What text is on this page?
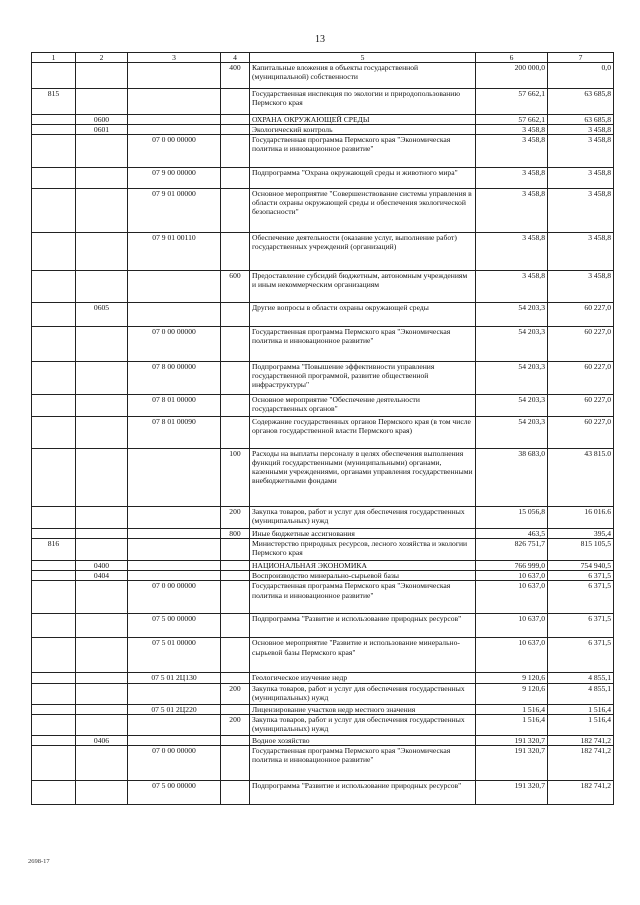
13
1	2	3	4	5	6	7
			400	Капитальные вложения в объекты государственной (муниципальной) собственности	200 000,0	0,0
815				Государственная инспекция по экологии и природопользованию Пермского края	57 662,1	63 685,8
	0600			ОХРАНА ОКРУЖАЮЩЕЙ СРЕДЫ	57 662,1	63 685,8
	0601			Экологический контроль	3 458,8	3 458,8
		07 0 00 00000		Государственная программа Пермского края "Экономическая политика и инновационное развитие"	3 458,8	3 458,8
		07 9 00 00000		Подпрограмма "Охрана окружающей среды и животного мира"	3 458,8	3 458,8
		07 9 01 00000		Основное мероприятие "Совершенствование системы управления в области охраны окружающей среды и обеспечения экологической безопасности"	3 458,8	3 458,8
		07 9 01 00110		Обеспечение деятельности (оказание услуг, выполнение работ) государственных учреждений (организаций)	3 458,8	3 458,8
			600	Предоставление субсидий бюджетным, автономным учреждениям и иным некоммерческим организациям	3 458,8	3 458,8
	0605			Другие вопросы в области охраны окружающей среды	54 203,3	60 227,0
		07 0 00 00000		Государственная программа Пермского края "Экономическая политика и инновационное развитие"	54 203,3	60 227,0
		07 8 00 00000		Подпрограмма "Повышение эффективности управления государственной программой, развитие общественной инфраструктуры"	54 203,3	60 227,0
		07 8 01 00000		Основное мероприятие "Обеспечение деятельности государственных органов"	54 203,3	60 227,0
		07 8 01 00090		Содержание государственных органов Пермского края (в том числе органов государственной власти Пермского края)	54 203,3	60 227,0
			100	Расходы на выплаты персоналу в целях обеспечения выполнения функций государственными (муниципальными) органами, казенными учреждениями, органами управления государственными внебюджетными фондами	38 683,0	43 815.0
			200	Закупка товаров, работ и услуг для обеспечения государственных (муниципальных) нужд	15 056,8	16 016.6
			800	Иные бюджетные ассигнования	463,5	395,4
816				Министерство природных ресурсов, лесного хозяйства и экологии Пермского края	826 751,7	815 105,5
	0400			НАЦИОНАЛЬНАЯ ЭКОНОМИКА	766 999,0	754 940,5
	0404			Воспроизводство минерально-сырьевой базы	10 637,0	6 371,5
		07 0 00 00000		Государственная программа Пермского края "Экономическая политика и инновационное развитие"	10 637,0	6 371,5
		07 5 00 00000		Подпрограмма "Развитие и использование природных ресурсов"	10 637,0	6 371,5
		07 5 01 00000		Основное мероприятие "Развитие и использование минерально-сырьевой базы Пермского края"	10 637,0	6 371,5
		07 5 01 2Ц130		Геологическое изучение недр	9 120,6	4 855,1
			200	Закупка товаров, работ и услуг для обеспечения государственных (муниципальных) нужд	9 120,6	4 855,1
		07 5 01 2Ц220		Лицензирование участков недр местного значения	1 516,4	1 516,4
			200	Закупка товаров, работ и услуг для обеспечения государственных (муниципальных) нужд	1 516,4	1 516,4
	0406			Водное хозяйство	191 320,7	182 741,2
		07 0 00 00000		Государственная программа Пермского края "Экономическая политика и инновационное развитие"	191 320,7	182 741,2
		07 5 00 00000		Подпрограмма "Развитие и использование природных ресурсов"	191 320,7	182 741,2
2698-17
